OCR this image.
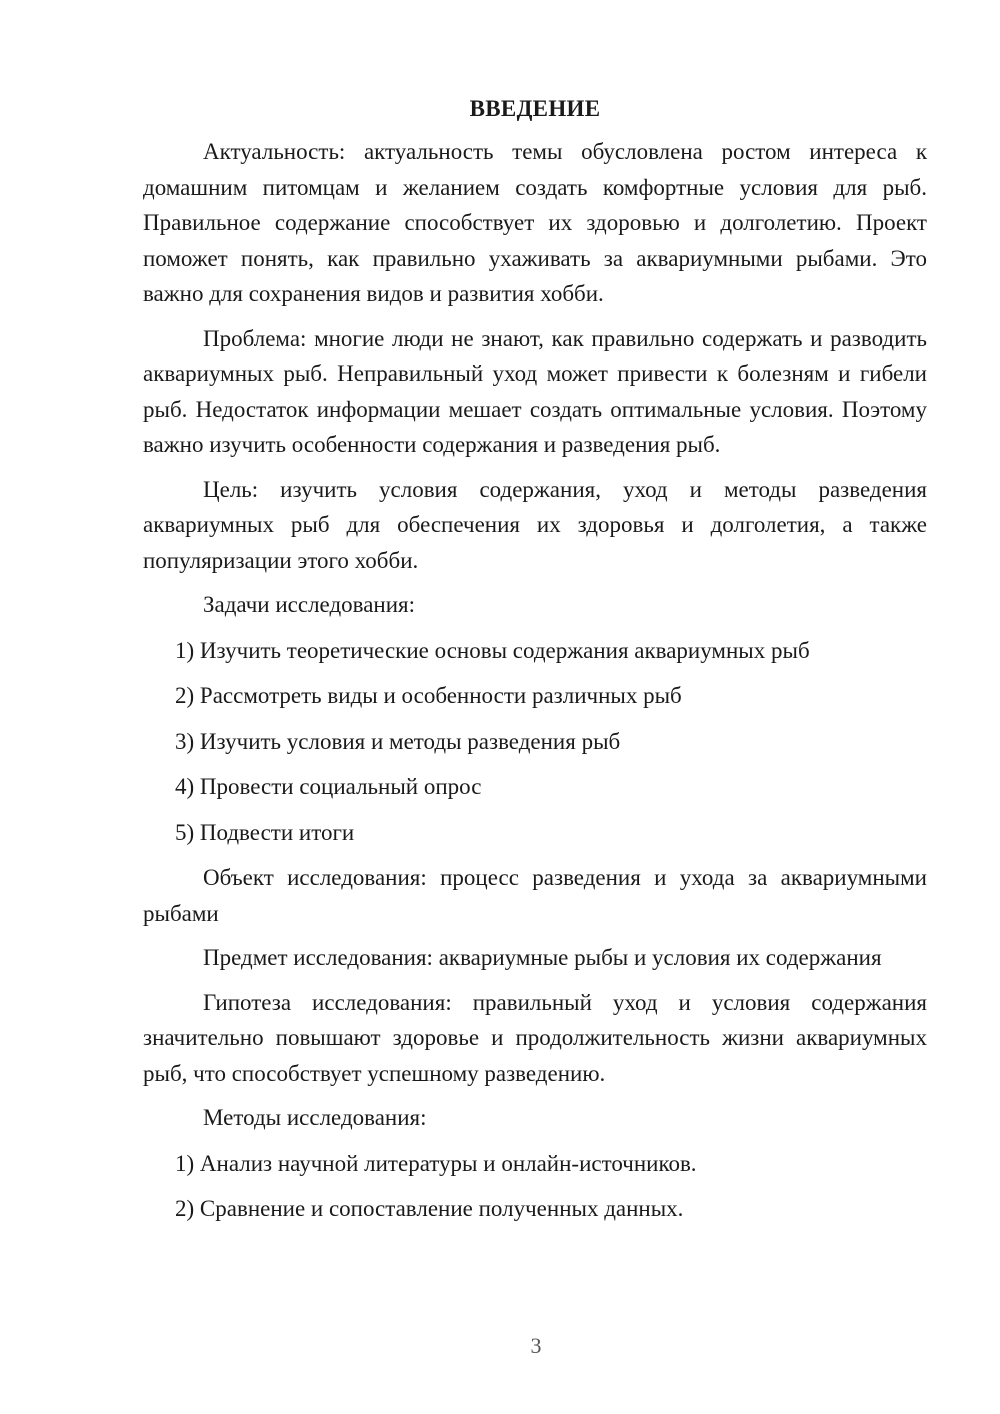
ВВЕДЕНИЕ

Актуальность: актуальность темы обусловлена ростом интереса к домашним питомцам и желанием создать комфортные условия для рыб. Правильное содержание способствует их здоровью и долголетию. Проект поможет понять, как правильно ухаживать за аквариумными рыбами. Это важно для сохранения видов и развития хобби.

Проблема: многие люди не знают, как правильно содержать и разводить аквариумных рыб. Неправильный уход может привести к болезням и гибели рыб. Недостаток информации мешает создать оптимальные условия. Поэтому важно изучить особенности содержания и разведения рыб.

Цель: изучить условия содержания, уход и методы разведения аквариумных рыб для обеспечения их здоровья и долголетия, а также популяризации этого хобби.

Задачи исследования:

1) Изучить теоретические основы содержания аквариумных рыб
2) Рассмотреть виды и особенности различных рыб
3) Изучить условия и методы разведения рыб
4) Провести социальный опрос
5) Подвести итоги

Объект исследования: процесс разведения и ухода за аквариумными рыбами

Предмет исследования: аквариумные рыбы и условия их содержания

Гипотеза исследования: правильный уход и условия содержания значительно повышают здоровье и продолжительность жизни аквариумных рыб, что способствует успешному разведению.

Методы исследования:

1) Анализ научной литературы и онлайн-источников.
2) Сравнение и сопоставление полученных данных.
3
